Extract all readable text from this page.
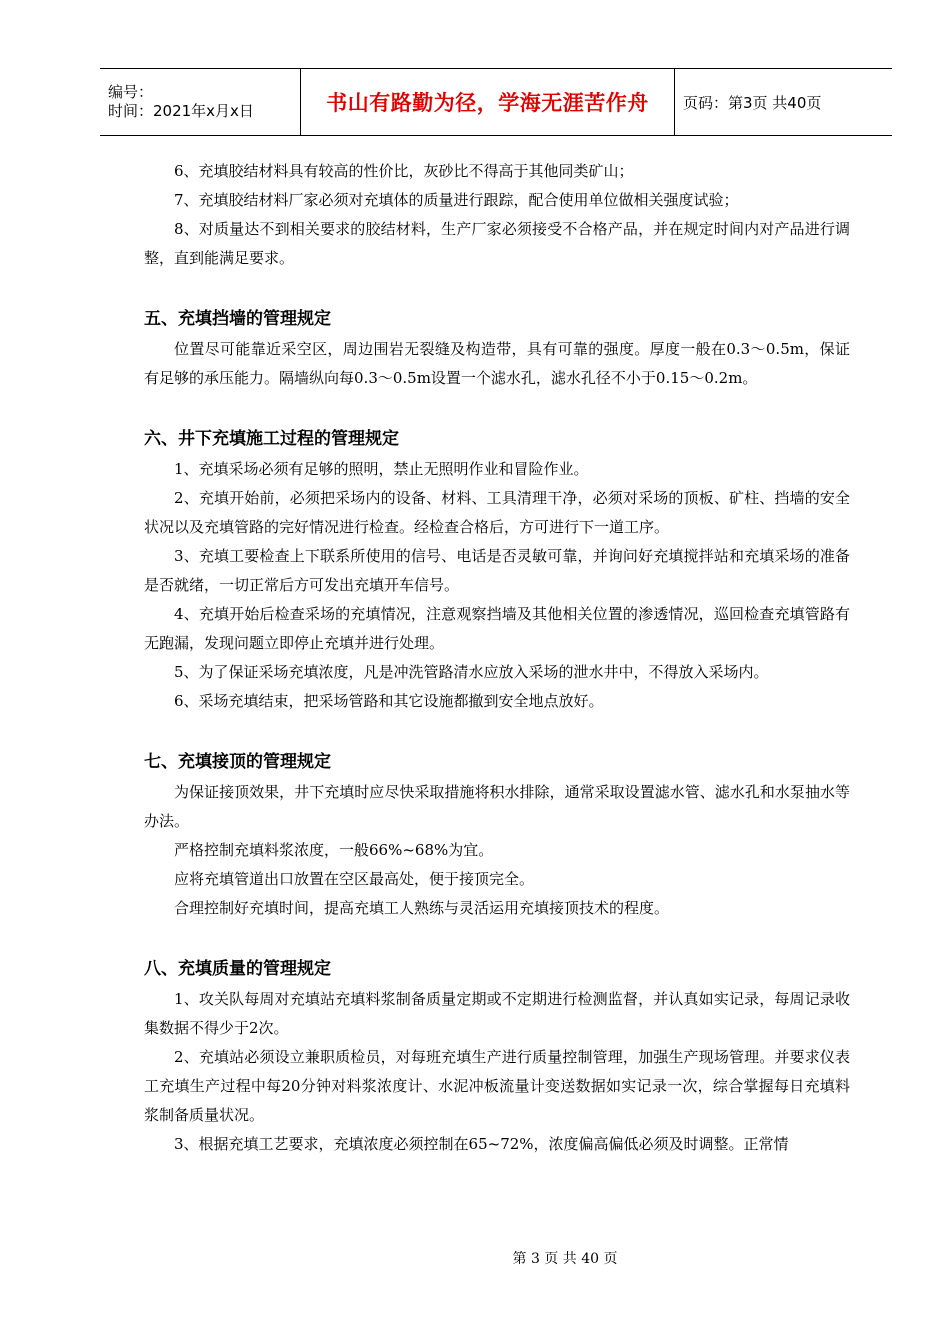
编号：
时间：2021年x月x日	书山有路勤为径，学海无涯苦作舟 页码：第3页 共40页

6、充填胶结材料具有较高的性价比，灰砂比不得高于其他同类矿山；

7、充填胶结材料厂家必须对充填体的质量进行跟踪，配合使用单位做相关强度试验；

8、对质量达不到相关要求的胶结材料，生产厂家必须接受不合格产品，并在规定时间内对产品进行调整，直到能满足要求。

五、充填挡墙的管理规定

位置尽可能靠近采空区，周边围岩无裂缝及构造带，具有可靠的强度。厚度一般在0.3～0.5m，保证有足够的承压能力。隔墙纵向每0.3～0.5m设置一个滤水孔，滤水孔径不小于0.15～0.2m。

六、井下充填施工过程的管理规定

1、充填采场必须有足够的照明，禁止无照明作业和冒险作业。

2、充填开始前，必须把采场内的设备、材料、工具清理干净，必须对采场的顶板、矿柱、挡墙的安全状况以及充填管路的完好情况进行检查。经检查合格后，方可进行下一道工序。

3、充填工要检查上下联系所使用的信号、电话是否灵敏可靠，并询问好充填搅拌站和充填采场的准备是否就绪，一切正常后方可发出充填开车信号。

4、充填开始后检查采场的充填情况，注意观察挡墙及其他相关位置的渗透情况，巡回检查充填管路有无跑漏，发现问题立即停止充填并进行处理。

5、为了保证采场充填浓度，凡是冲洗管路清水应放入采场的泄水井中，不得放入采场内。

6、采场充填结束，把采场管路和其它设施都撤到安全地点放好。

七、充填接顶的管理规定

为保证接顶效果，井下充填时应尽快采取措施将积水排除，通常采取设置滤水管、滤水孔和水泵抽水等办法。

严格控制充填料浆浓度，一般66%~68%为宜。

应将充填管道出口放置在空区最高处，便于接顶完全。

合理控制好充填时间，提高充填工人熟练与灵活运用充填接顶技术的程度。

八、充填质量的管理规定

1、攻关队每周对充填站充填料浆制备质量定期或不定期进行检测监督，并认真如实记录，每周记录收集数据不得少于2次。

2、充填站必须设立兼职质检员，对每班充填生产进行质量控制管理，加强生产现场管理。并要求仪表工充填生产过程中每20分钟对料浆浓度计、水泥冲板流量计变送数据如实记录一次，综合掌握每日充填料浆制备质量状况。

3、根据充填工艺要求，充填浓度必须控制在65~72%，浓度偏高偏低必须及时调整。正常情

第 3 页 共 40 页
